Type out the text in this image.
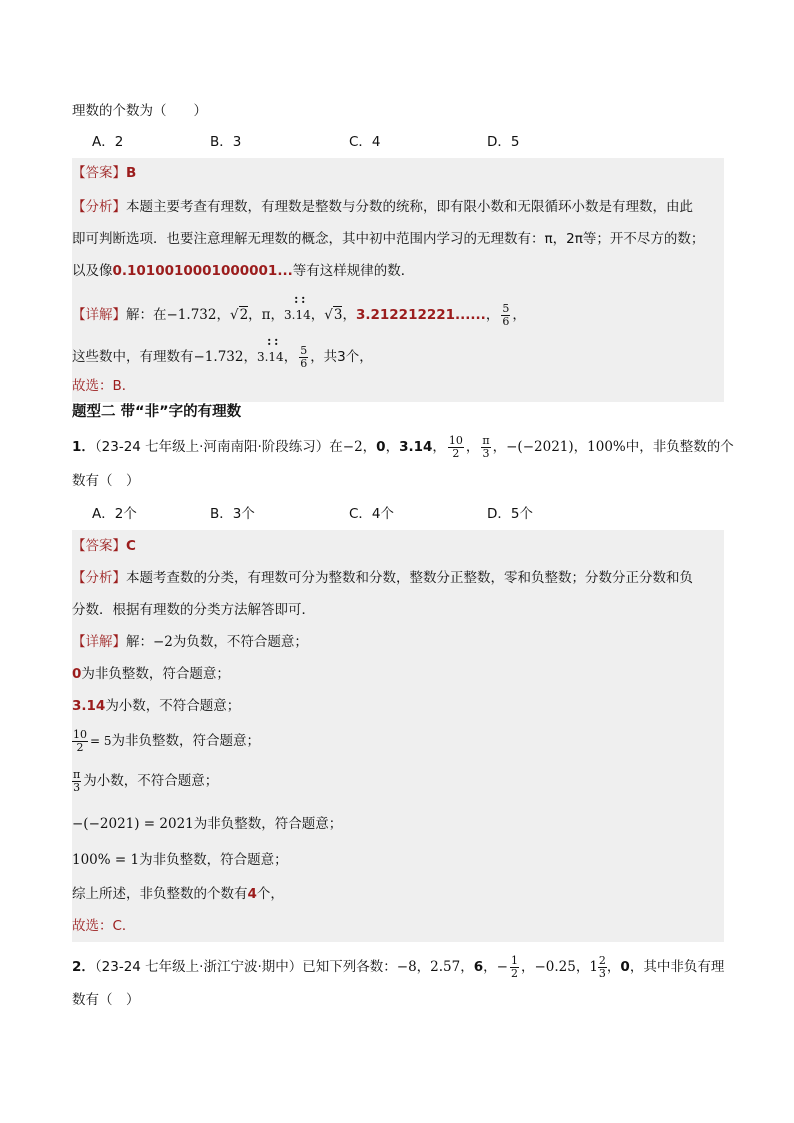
理数的个数为（　　）
A．2	B．3	C．4	D．5
【答案】B
【分析】本题主要考查有理数，有理数是整数与分数的统称，即有限小数和无限循环小数是有理数，由此
即可判断选项．也要注意理解无理数的概念，其中初中范围内学习的无理数有：π，2π等；开不尽方的数；
以及像0.1010010001000001...等有这样规律的数．
【详解】解：在−1.732，√2，π，
: :
3.14，√3，3.212212221......， $\frac{5}{6}$ ，
这些数中，有理数有−1.732，
: :
3.14， $\frac{5}{6}$ ，共3个，
故选：B．
题型二 带“非”字的有理数
1．（23-24 七年级上·河南南阳·阶段练习）在−2，0，3.14， $\frac{10}{2}$ ， $\frac{\pi}{3}$ ，−(−2021)，100%中，非负整数的个
数有（　）
A．2个	B．3个	C．4个	D．5个
【答案】C
【分析】本题考查数的分类，有理数可分为整数和分数，整数分正整数，零和负整数；分数分正分数和负
分数．根据有理数的分类方法解答即可．
【详解】解：−2为负数，不符合题意；
0为非负整数，符合题意；
3.14为小数，不符合题意；
$\frac{10}{2} = 5$为非负整数，符合题意；
$\frac{\pi}{3}$ 为小数，不符合题意；
−(−2021) = 2021为非负整数，符合题意；
100% = 1为非负整数，符合题意；
综上所述，非负整数的个数有4个，
故选：C．
2．（23-24 七年级上·浙江宁波·期中）已知下列各数：−8，2.57，6，− $\frac{1}{2}$ ，−0.25， $1 \frac{2}{3}$ ，0，其中非负有理
数有（　）
